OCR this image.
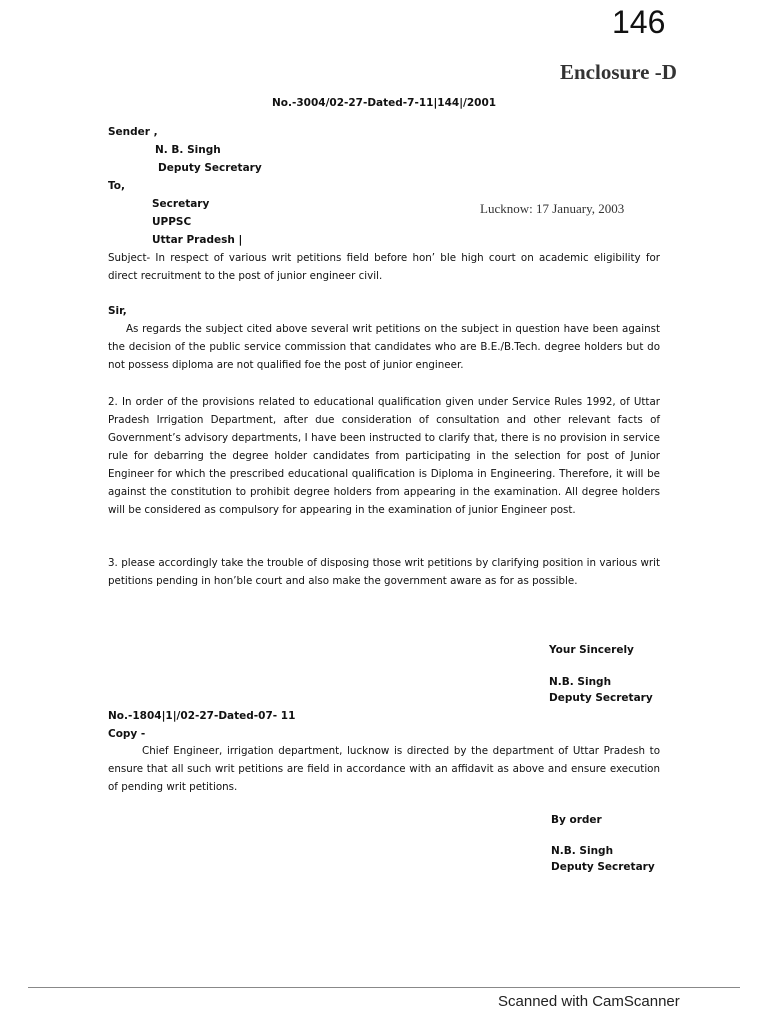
146
Enclosure -D
No.-3004/02-27-Dated-7-11|144|/2001
Sender ,
N. B. Singh
Deputy Secretary
To,
Secretary
UPPSC
Uttar Pradesh |
Lucknow: 17 January, 2003
Subject- In respect of various writ petitions field before hon’ ble high court on academic eligibility for direct recruitment to the post of junior engineer civil.
Sir,
As regards the subject cited above several writ petitions on the subject in question have been against the decision of the public service commission that candidates who are B.E./B.Tech. degree holders but do not possess diploma are not qualified foe the post of junior engineer.
2. In order of the provisions related to educational qualification given under Service Rules 1992, of Uttar Pradesh Irrigation Department, after due consideration of consultation and other relevant facts of Government’s advisory departments, I have been instructed to clarify that, there is no provision in service rule for debarring the degree holder candidates from participating in the selection for post of Junior Engineer for which the prescribed educational qualification is Diploma in Engineering. Therefore, it will be against the constitution to prohibit degree holders from appearing in the examination. All degree holders will be considered as compulsory for appearing in the examination of junior Engineer post.
3. please accordingly take the trouble of disposing those writ petitions by clarifying position in various writ petitions pending in hon’ble court and also make the government aware as for as possible.
Your Sincerely
N.B. Singh
Deputy Secretary
No.-1804|1|/02-27-Dated-07- 11
Copy -
Chief Engineer, irrigation department, lucknow is directed by the department of Uttar Pradesh to ensure that all such writ petitions are field in accordance with an affidavit as above and ensure execution of pending writ petitions.
By order
N.B. Singh
Deputy Secretary
Scanned with CamScanner
